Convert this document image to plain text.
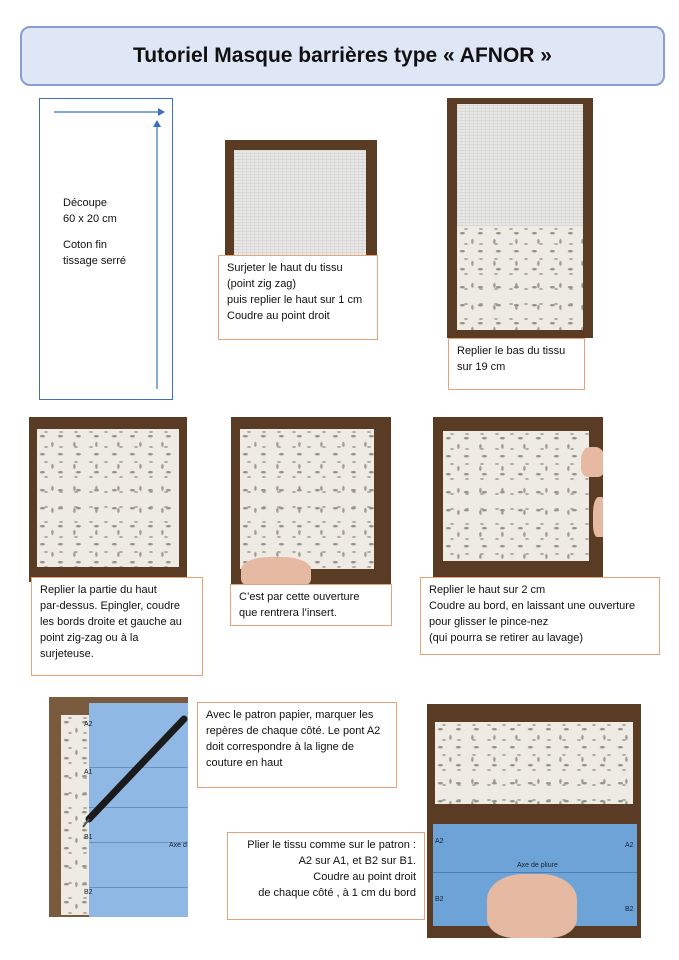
Tutoriel Masque barrières type « AFNOR »
Découpe
60 x 20 cm
Coton fin
tissage serré
Surjeter le haut du tissu
(point zig zag)
puis replier le haut sur 1 cm
Coudre au point droit
Replier le bas du tissu
sur 19 cm
Replier la partie du haut
par-dessus. Epingler, coudre
les bords droite et gauche au
point zig-zag ou à la
surjeteuse.
C’est par cette ouverture
que rentrera l’insert.
Replier le haut sur 2 cm
Coudre au bord, en laissant une ouverture
pour glisser le pince-nez
(qui pourra se retirer au lavage)
A2
A1
B1
B2
Axe d
Avec le patron papier, marquer les
repères de chaque côté. Le pont A2
doit correspondre à la ligne de
couture en haut
A2
A2
B2
B2
Axe de pliure
Plier le tissu comme sur le patron :
A2 sur A1, et B2 sur B1.
Coudre au point droit
de chaque côté , à 1 cm du bord
